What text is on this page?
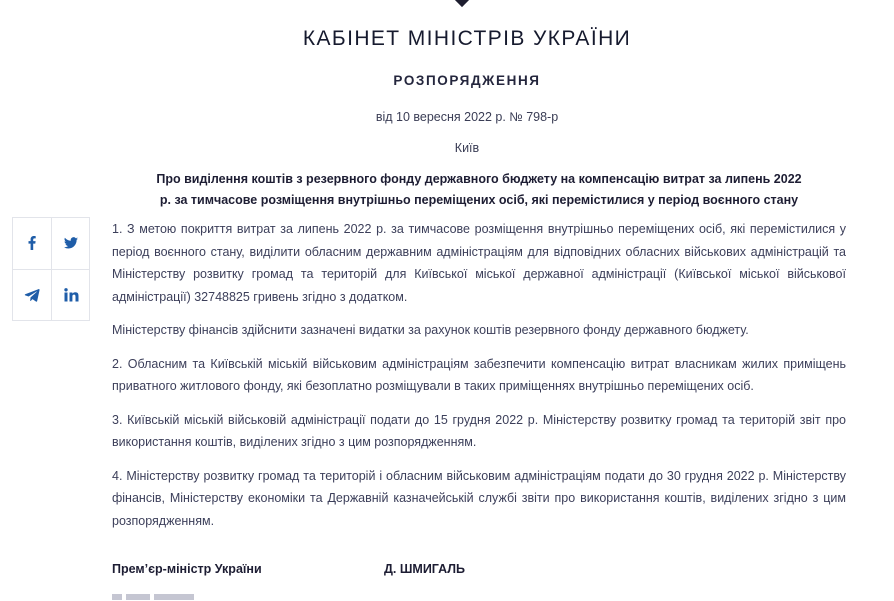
КАБІНЕТ МІНІСТРІВ УКРАЇНИ
РОЗПОРЯДЖЕННЯ
від 10 вересня 2022 р. № 798-р
Київ
Про виділення коштів з резервного фонду державного бюджету на компенсацію витрат за липень 2022
р. за тимчасове розміщення внутрішньо переміщених осіб, які перемістилися у період воєнного стану

1. З метою покриття витрат за липень 2022 р. за тимчасове розміщення внутрішньо переміщених осіб, які перемістилися у період воєнного стану, виділити обласним державним адміністраціям для відповідних обласних військових адміністрацій та Міністерству розвитку громад та територій для Київської міської державної адміністрації (Київської міської військової адміністрації) 32748825 гривень згідно з додатком.

Міністерству фінансів здійснити зазначені видатки за рахунок коштів резервного фонду державного бюджету.

2. Обласним та Київській міській військовим адміністраціям забезпечити компенсацію витрат власникам жилих приміщень приватного житлового фонду, які безоплатно розміщували в таких приміщеннях внутрішньо переміщених осіб.

3. Київській міській військовій адміністрації подати до 15 грудня 2022 р. Міністерству розвитку громад та територій звіт про використання коштів, виділених згідно з цим розпорядженням.

4. Міністерству розвитку громад та територій і обласним військовим адміністраціям подати до 30 грудня 2022 р. Міністерству фінансів, Міністерству економіки та Державній казначейській службі звіти про використання коштів, виділених згідно з цим розпорядженням.

Прем’єр-міністр України	Д. ШМИГАЛЬ
